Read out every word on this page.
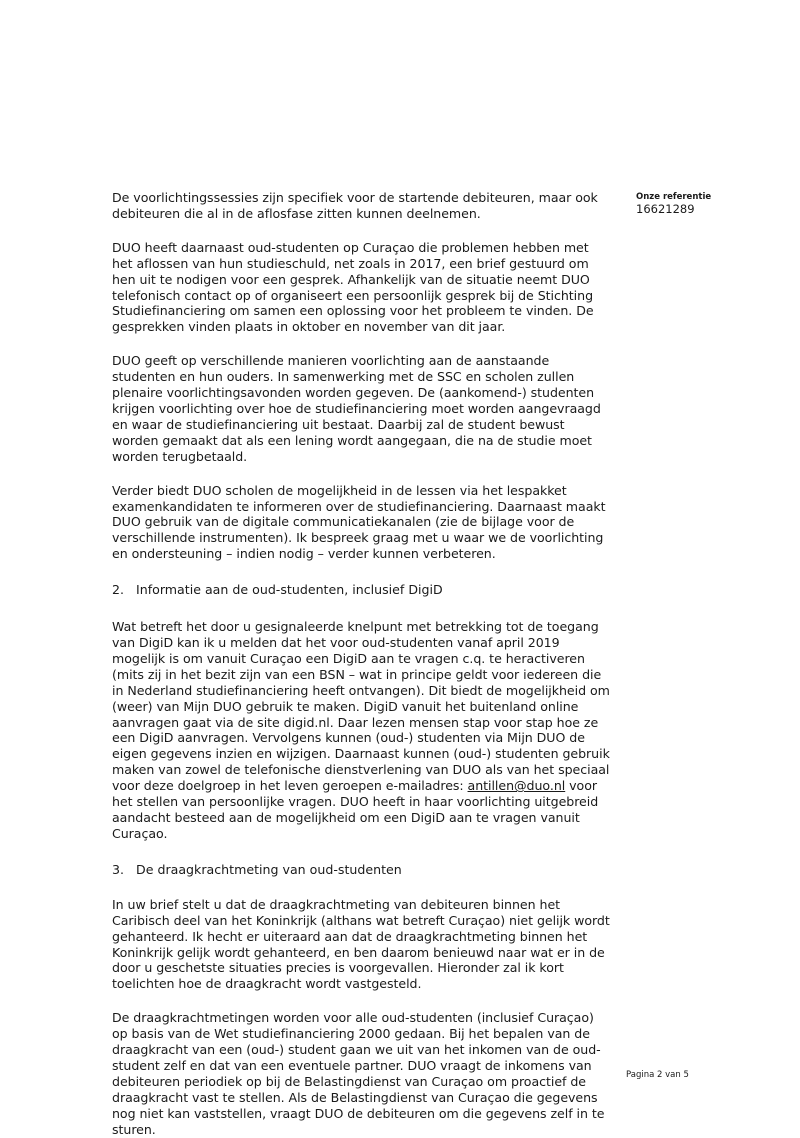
Onze referentie
16621289

De voorlichtingssessies zijn specifiek voor de startende debiteuren, maar ook debiteuren die al in de aflosfase zitten kunnen deelnemen.

DUO heeft daarnaast oud-studenten op Curaçao die problemen hebben met het aflossen van hun studieschuld, net zoals in 2017, een brief gestuurd om hen uit te nodigen voor een gesprek. Afhankelijk van de situatie neemt DUO telefonisch contact op of organiseert een persoonlijk gesprek bij de Stichting Studiefinanciering om samen een oplossing voor het probleem te vinden. De gesprekken vinden plaats in oktober en november van dit jaar.

DUO geeft op verschillende manieren voorlichting aan de aanstaande studenten en hun ouders. In samenwerking met de SSC en scholen zullen plenaire voorlichtingsavonden worden gegeven. De (aankomend-) studenten krijgen voorlichting over hoe de studiefinanciering moet worden aangevraagd en waar de studiefinanciering uit bestaat. Daarbij zal de student bewust worden gemaakt dat als een lening wordt aangegaan, die na de studie moet worden terugbetaald.

Verder biedt DUO scholen de mogelijkheid in de lessen via het lespakket examenkandidaten te informeren over de studiefinanciering. Daarnaast maakt DUO gebruik van de digitale communicatiekanalen (zie de bijlage voor de verschillende instrumenten). Ik bespreek graag met u waar we de voorlichting en ondersteuning – indien nodig – verder kunnen verbeteren.

2. Informatie aan de oud-studenten, inclusief DigiD

Wat betreft het door u gesignaleerde knelpunt met betrekking tot de toegang van DigiD kan ik u melden dat het voor oud-studenten vanaf april 2019 mogelijk is om vanuit Curaçao een DigiD aan te vragen c.q. te heractiveren (mits zij in het bezit zijn van een BSN – wat in principe geldt voor iedereen die in Nederland studiefinanciering heeft ontvangen). Dit biedt de mogelijkheid om (weer) van Mijn DUO gebruik te maken. DigiD vanuit het buitenland online aanvragen gaat via de site digid.nl. Daar lezen mensen stap voor stap hoe ze een DigiD aanvragen. Vervolgens kunnen (oud-) studenten via Mijn DUO de eigen gegevens inzien en wijzigen. Daarnaast kunnen (oud-) studenten gebruik maken van zowel de telefonische dienstverlening van DUO als van het speciaal voor deze doelgroep in het leven geroepen e-mailadres: antillen@duo.nl voor het stellen van persoonlijke vragen. DUO heeft in haar voorlichting uitgebreid aandacht besteed aan de mogelijkheid om een DigiD aan te vragen vanuit Curaçao.

3. De draagkrachtmeting van oud-studenten

In uw brief stelt u dat de draagkrachtmeting van debiteuren binnen het Caribisch deel van het Koninkrijk (althans wat betreft Curaçao) niet gelijk wordt gehanteerd. Ik hecht er uiteraard aan dat de draagkrachtmeting binnen het Koninkrijk gelijk wordt gehanteerd, en ben daarom benieuwd naar wat er in de door u geschetste situaties precies is voorgevallen. Hieronder zal ik kort toelichten hoe de draagkracht wordt vastgesteld.

De draagkrachtmetingen worden voor alle oud-studenten (inclusief Curaçao) op basis van de Wet studiefinanciering 2000 gedaan. Bij het bepalen van de draagkracht van een (oud-) student gaan we uit van het inkomen van de oud-student zelf en dat van een eventuele partner. DUO vraagt de inkomens van debiteuren periodiek op bij de Belastingdienst van Curaçao om proactief de draagkracht vast te stellen. Als de Belastingdienst van Curaçao die gegevens nog niet kan vaststellen, vraagt DUO de debiteuren om die gegevens zelf in te sturen.

Pagina 2 van 5
